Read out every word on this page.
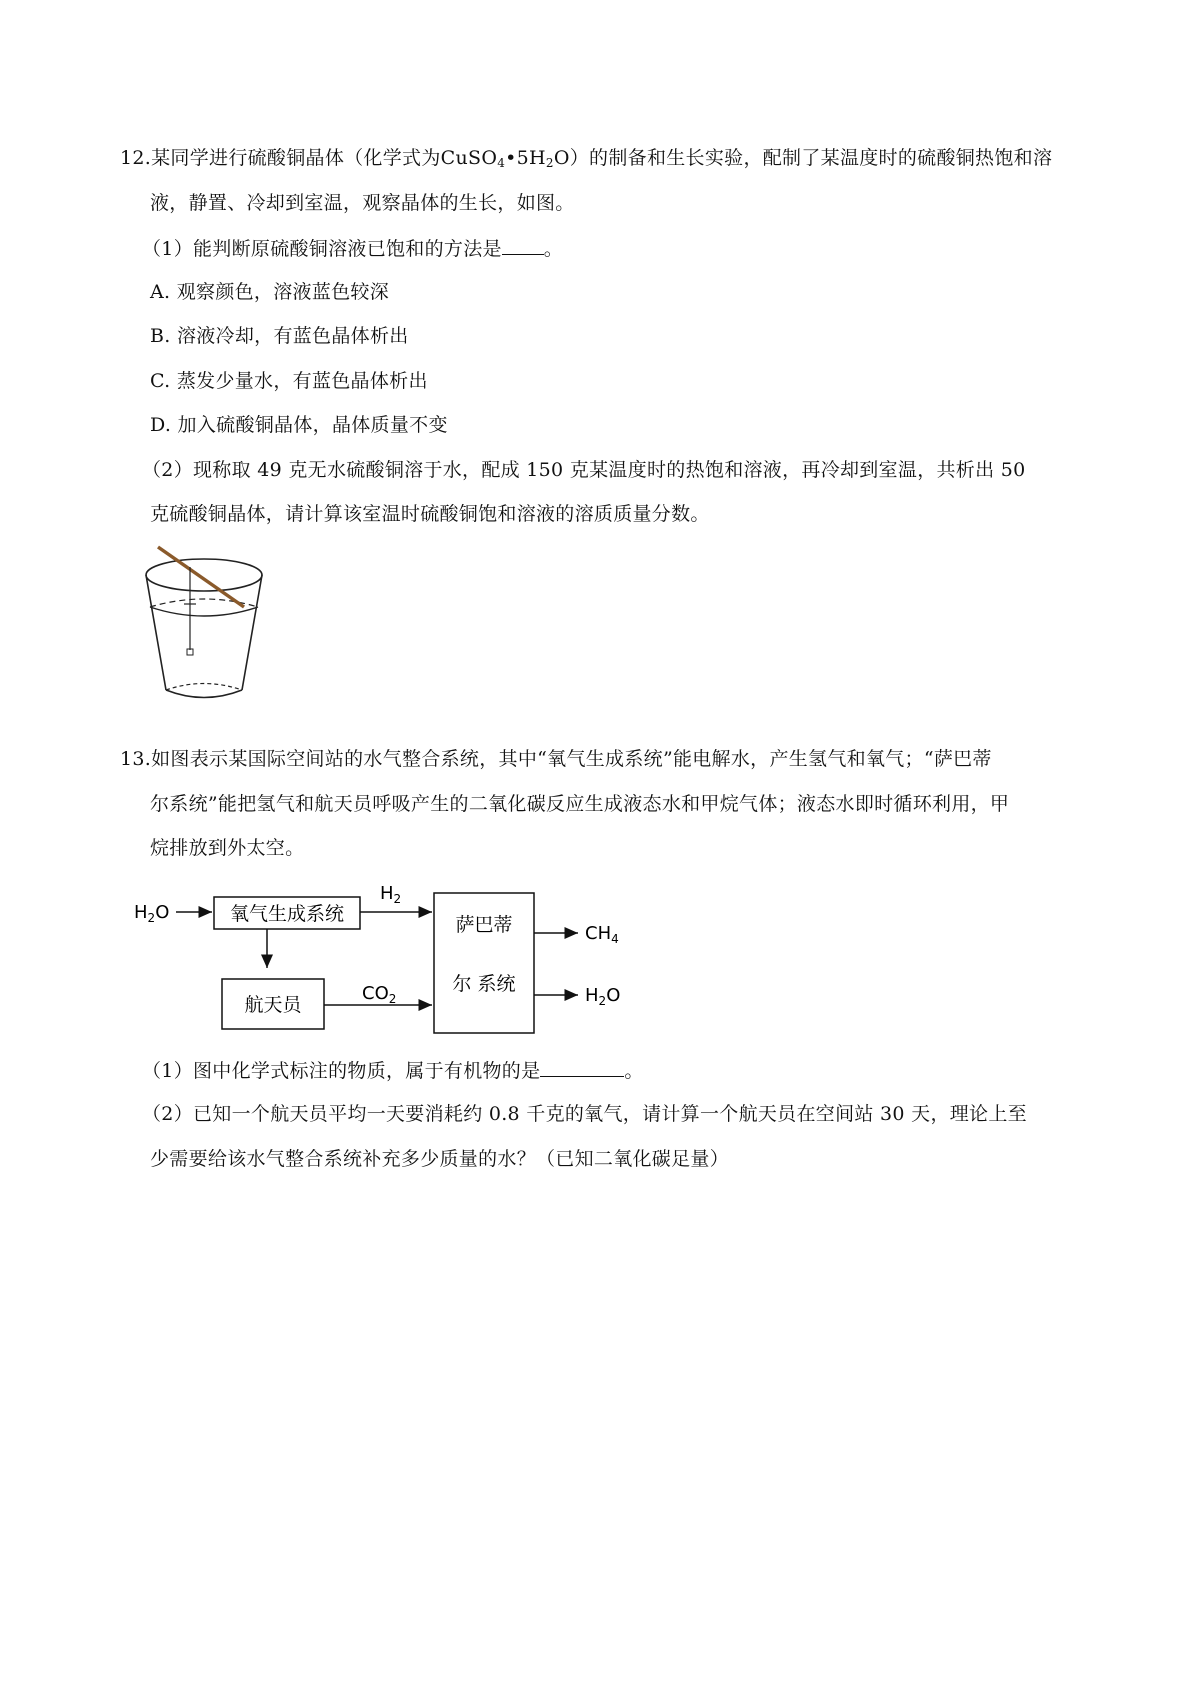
12.某同学进行硫酸铜晶体（化学式为$CuSO_4•5H_2O$）的制备和生长实验，配制了某温度时的硫酸铜热饱和溶
液，静置、冷却到室温，观察晶体的生长，如图。
（1）能判断原硫酸铜溶液已饱和的方法是 。
A. 观察颜色，溶液蓝色较深
B. 溶液冷却，有蓝色晶体析出
C. 蒸发少量水，有蓝色晶体析出
D. 加入硫酸铜晶体，晶体质量不变
（2）现称取 49 克无水硫酸铜溶于水，配成 150 克某温度时的热饱和溶液，再冷却到室温，共析出 50
克硫酸铜晶体，请计算该室温时硫酸铜饱和溶液的溶质质量分数。
13.如图表示某国际空间站的水气整合系统，其中“氧气生成系统”能电解水，产生氢气和氧气；“萨巴蒂
尔系统”能把氢气和航天员呼吸产生的二氧化碳反应生成液态水和甲烷气体；液态水即时循环利用，甲
烷排放到外太空。
$H_2O$	氧气生成系统
$H_2$
萨巴蒂
尔 系统
航天员
$CO_2$
$CH_4$
$H_2O$
（1）图中化学式标注的物质，属于有机物的是	。
（2）已知一个航天员平均一天要消耗约 0.8 千克的氧气，请计算一个航天员在空间站 30 天，理论上至
少需要给该水气整合系统补充多少质量的水？（已知二氧化碳足量）
